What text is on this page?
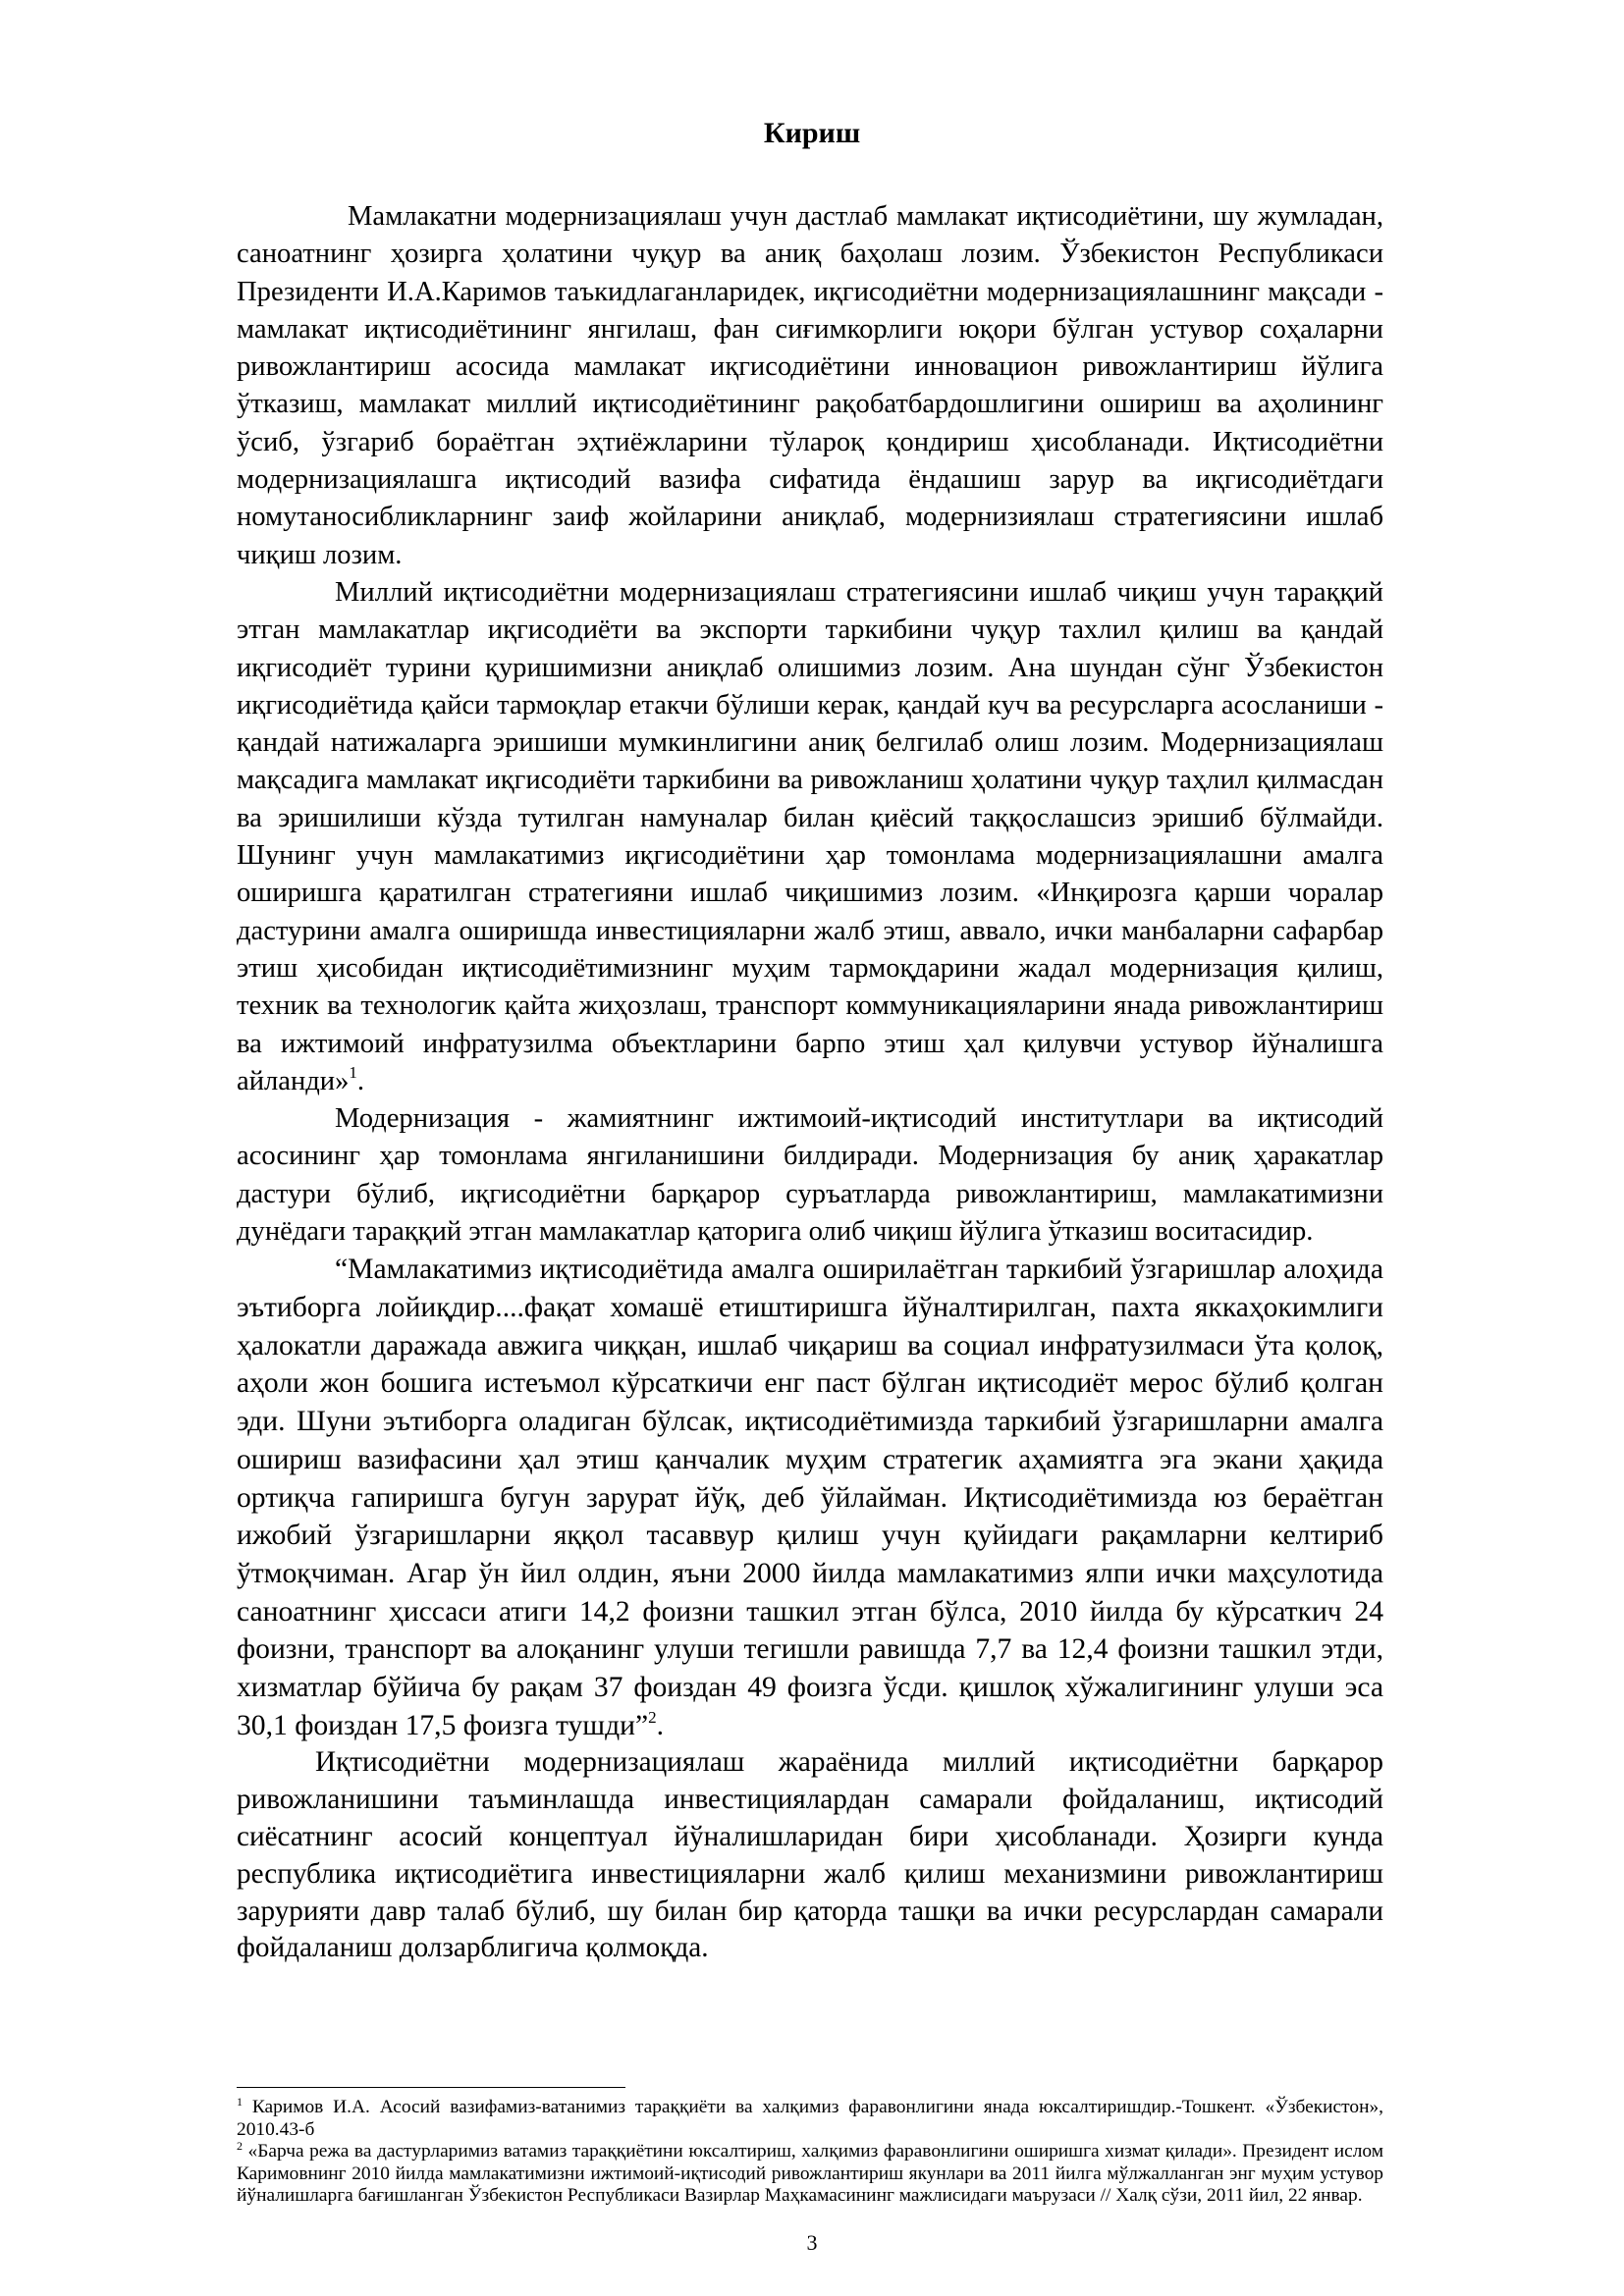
Кириш

Мамлакатни модернизациялаш учун дастлаб мамлакат иқтисодиётини, шу жумладан, саноатнинг ҳозирга ҳолатини чуқур ва аниқ баҳолаш лозим. Ўзбекистон Республикаси Президенти И.А.Каримов таъкидлаганларидек, иқгисодиётни модернизациялашнинг мақсади - мамлакат иқтисодиётининг янгилаш, фан сиғимкорлиги юқори бўлган устувор соҳаларни ривожлантириш асосида мамлакат иқгисодиётини инновацион ривожлантириш йўлига ўтказиш, мамлакат миллий иқтисодиётининг рақобатбардошлигини ошириш ва аҳолининг ўсиб, ўзгариб бораётган эҳтиёжларини тўлароқ қондириш ҳисобланади. Иқтисодиётни модернизациялашга иқтисодий вазифа сифатида ёндашиш зарур ва иқгисодиётдаги номутаносибликларнинг заиф жойларини аниқлаб, модернизиялаш стратегиясини ишлаб чиқиш лозим.

Миллий иқтисодиётни модернизациялаш стратегиясини ишлаб чиқиш учун тараққий этган мамлакатлар иқгисодиёти ва экспорти таркибини чуқур тахлил қилиш ва қандай иқгисодиёт турини қуришимизни аниқлаб олишимиз лозим. Ана шундан сўнг Ўзбекистон иқгисодиётида қайси тармоқлар етакчи бўлиши керак, қандай куч ва ресурсларга асосланиши - қандай натижаларга эришиши мумкинлигини аниқ белгилаб олиш лозим. Модернизациялаш мақсадига мамлакат иқгисодиёти таркибини ва ривожланиш ҳолатини чуқур таҳлил қилмасдан ва эришилиши кўзда тутилган намуналар билан қиёсий таққослашсиз эришиб бўлмайди. Шунинг учун мамлакатимиз иқгисодиётини ҳар томонлама модернизациялашни амалга оширишга қаратилган стратегияни ишлаб чиқишимиз лозим. «Инқирозга қарши чоралар дастурини амалга оширишда инвестицияларни жалб этиш, аввало, ички манбаларни сафарбар этиш ҳисобидан иқтисодиётимизнинг муҳим тармоқдарини жадал модернизация қилиш, техник ва технологик қайта жиҳозлаш, транспорт коммуникацияларини янада ривожлантириш ва ижтимоий инфратузилма объектларини барпо этиш ҳал қилувчи устувор йўналишга айланди»$^1$.

Модернизация - жамиятнинг ижтимоий-иқтисодий институтлари ва иқтисодий асосининг ҳар томонлама янгиланишини билдиради. Модернизация бу аниқ ҳаракатлар дастури бўлиб, иқгисодиётни барқарор суръатларда ривожлантириш, мамлакатимизни дунёдаги тараққий этган мамлакатлар қаторига олиб чиқиш йўлига ўтказиш воситасидир.

“Мамлакатимиз иқтисодиётида амалга оширилаётган таркибий ўзгаришлар алоҳида эътиборга лойиқдир....фақат хомашё етиштиришга йўналтирилган, пахта яккаҳокимлиги ҳалокатли даражада авжига чиққан, ишлаб чиқариш ва социал инфратузилмаси ўта қолоқ, аҳоли жон бошига истеъмол кўрсаткичи енг паст бўлган иқтисодиёт мерос бўлиб қолган эди. Шуни эътиборга оладиган бўлсак, иқтисодиётимизда таркибий ўзгаришларни амалга ошириш вазифасини ҳал этиш қанчалик муҳим стратегик аҳамиятга эга экани ҳақида ортиқча гапиришга бугун зарурат йўқ, деб ўйлайман. Иқтисодиётимизда юз бераётган ижобий ўзгаришларни яққол тасаввур қилиш учун қуйидаги рақамларни келтириб ўтмоқчиман. Агар ўн йил олдин, яъни 2000 йилда мамлакатимиз ялпи ички маҳсулотида саноатнинг ҳиссаси атиги 14,2 фоизни ташкил этган бўлса, 2010 йилда бу кўрсаткич 24 фоизни, транспорт ва алоқанинг улуши тегишли равишда 7,7 ва 12,4 фоизни ташкил этди, хизматлар бўйича бу рақам 37 фоиздан 49 фоизга ўсди. қишлоқ хўжалигининг улуши эса 30,1 фоиздан 17,5 фоизга тушди”$^2$.

Иқтисодиётни модернизациялаш жараёнида миллий иқтисодиётни барқарор ривожланишини таъминлашда инвестициялардан самарали фойдаланиш, иқтисодий сиёсатнинг асосий концептуал йўналишларидан бири ҳисобланади. Ҳозирги кунда республика иқтисодиётига инвестицияларни жалб қилиш механизмини ривожлантириш зарурияти давр талаб бўлиб, шу билан бир қаторда ташқи ва ички ресурслардан самарали фойдаланиш долзарблигича қолмоқда.

$^1$ Каримов И.А. Асосий вазифамиз-ватанимиз тараққиёти ва халқимиз фаравонлигини янада юксалтиришдир.-Тошкент. «Ўзбекистон», 2010.43-б

$^2$ «Барча режа ва дастурларимиз ватамиз тараққиётини юксалтириш, халқимиз фаравонлигини оширишга хизмат қилади». Президент ислом Каримовнинг 2010 йилда мамлакатимизни ижтимоий-иқтисодий ривожлантириш якунлари ва 2011 йилга мўлжалланган энг муҳим устувор йўналишларга бағишланган Ўзбекистон Республикаси Вазирлар Маҳкамасининг мажлисидаги маърузаси // Халқ сўзи, 2011 йил, 22 январ.

3
